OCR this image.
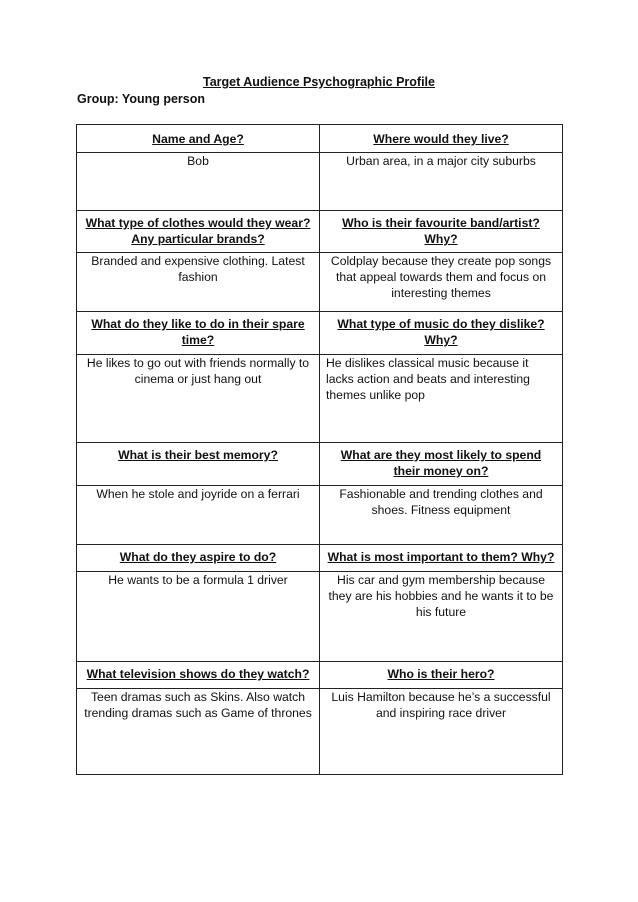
Target Audience Psychographic Profile
Group: Young person
Name and Age?	Where would they live?
Bob	Urban area, in a major city suburbs
What type of clothes would they wear? Any particular brands?	Who is their favourite band/artist? Why?
Branded and expensive clothing. Latest fashion	Coldplay because they create pop songs that appeal towards them and focus on interesting themes
What do they like to do in their spare time?	What type of music do they dislike? Why?
He likes to go out with friends normally to cinema or just hang out	He dislikes classical music because it lacks action and beats and interesting themes unlike pop
What is their best memory?	What are they most likely to spend their money on?
When he stole and joyride on a ferrari	Fashionable and trending clothes and shoes. Fitness equipment
What do they aspire to do?	What is most important to them? Why?
He wants to be a formula 1 driver	His car and gym membership because they are his hobbies and he wants it to be his future
What television shows do they watch?	Who is their hero?
Teen dramas such as Skins. Also watch trending dramas such as Game of thrones	Luis Hamilton because he’s a successful and inspiring race driver
